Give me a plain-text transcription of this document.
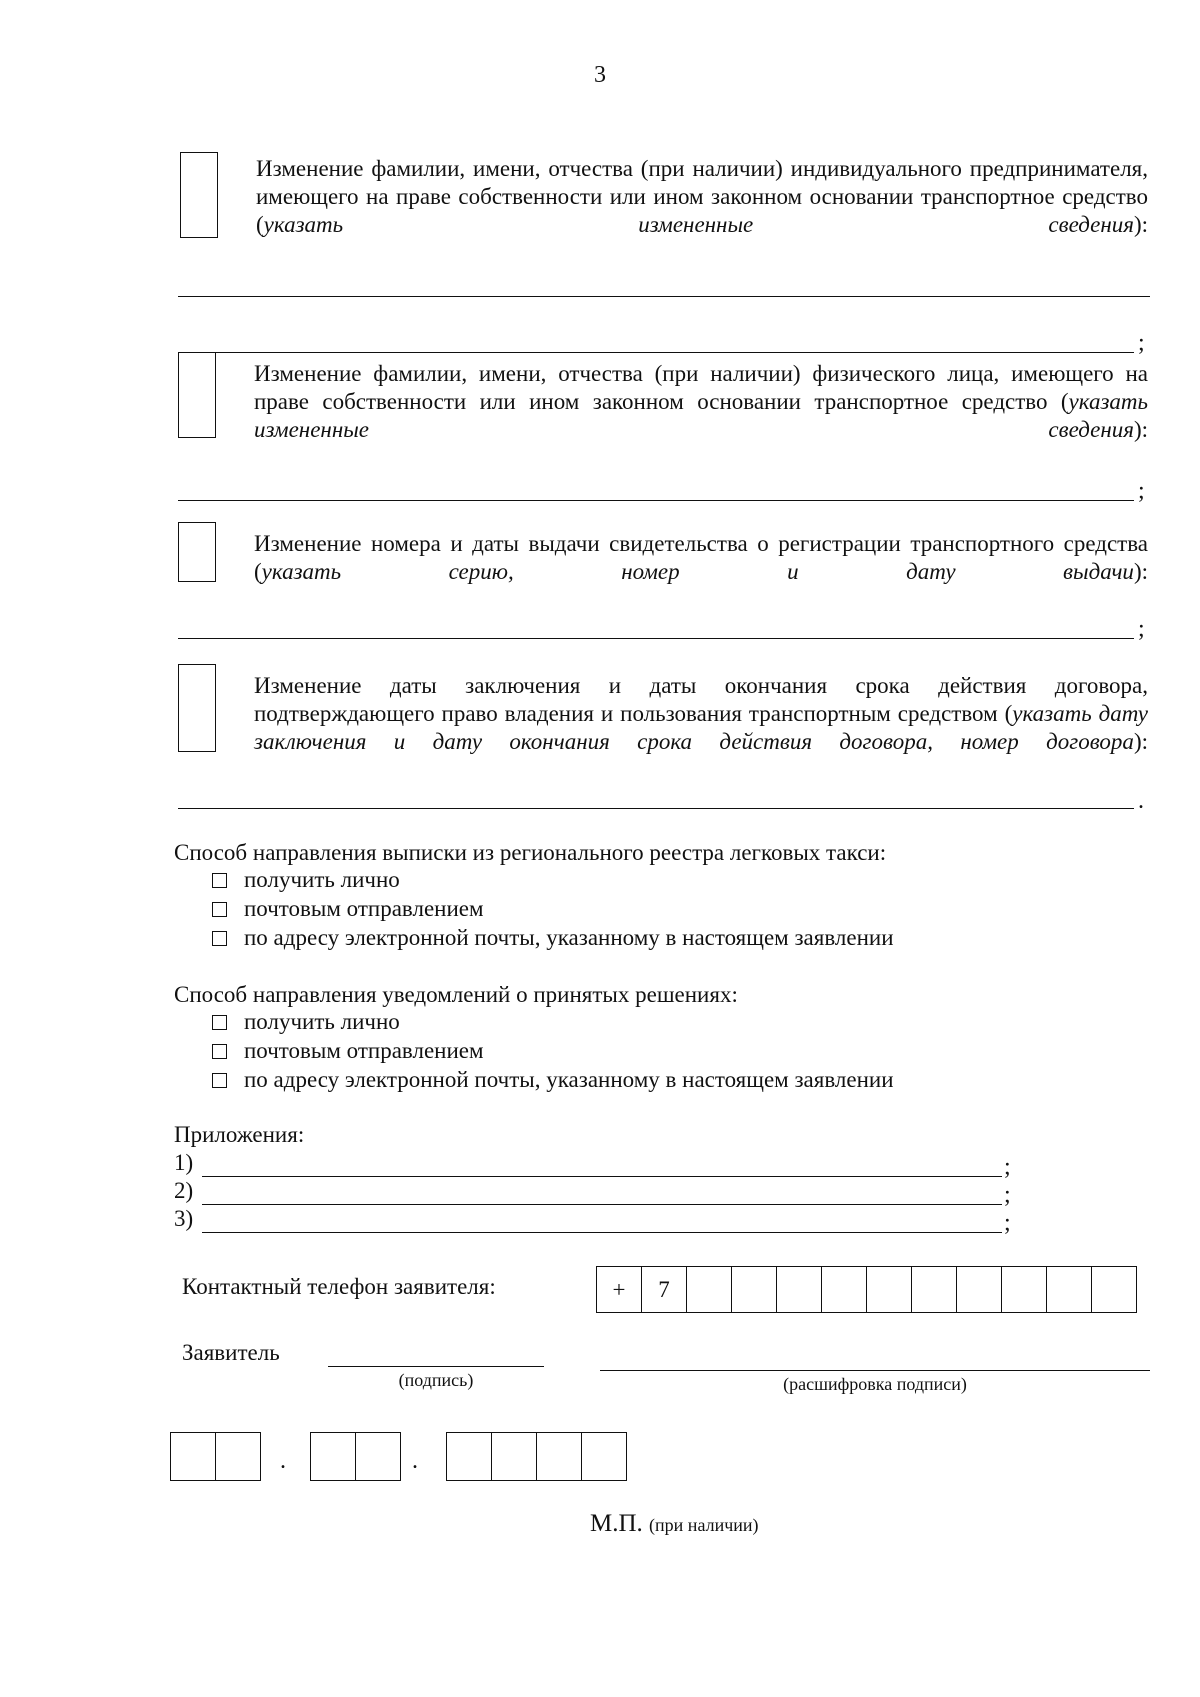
3
Изменение фамилии, имени, отчества (при наличии) индивидуального предпринимателя, имеющего на праве собственности или ином законном основании транспортное средство (указать измененные сведения):
;
Изменение фамилии, имени, отчества (при наличии) физического лица, имеющего на праве собственности или ином законном основании транспортное средство (указать измененные сведения):
;
Изменение номера и даты выдачи свидетельства о регистрации транспортного средства (указать серию, номер и дату выдачи):
;
Изменение даты заключения и даты окончания срока действия договора, подтверждающего право владения и пользования транспортным средством (указать дату заключения и дату окончания срока действия договора, номер договора):
.
Способ направления выписки из регионального реестра легковых такси:
получить лично
почтовым отправлением
по адресу электронной почты, указанному в настоящем заявлении
Способ направления уведомлений о принятых решениях:
получить лично
почтовым отправлением
по адресу электронной почты, указанному в настоящем заявлении
Приложения:
1)	;
2)	;
3)	;
Контактный телефон заявителя:	+	7
Заявитель
(подпись)	(расшифровка подписи)
.	.
М.П. (при наличии)
